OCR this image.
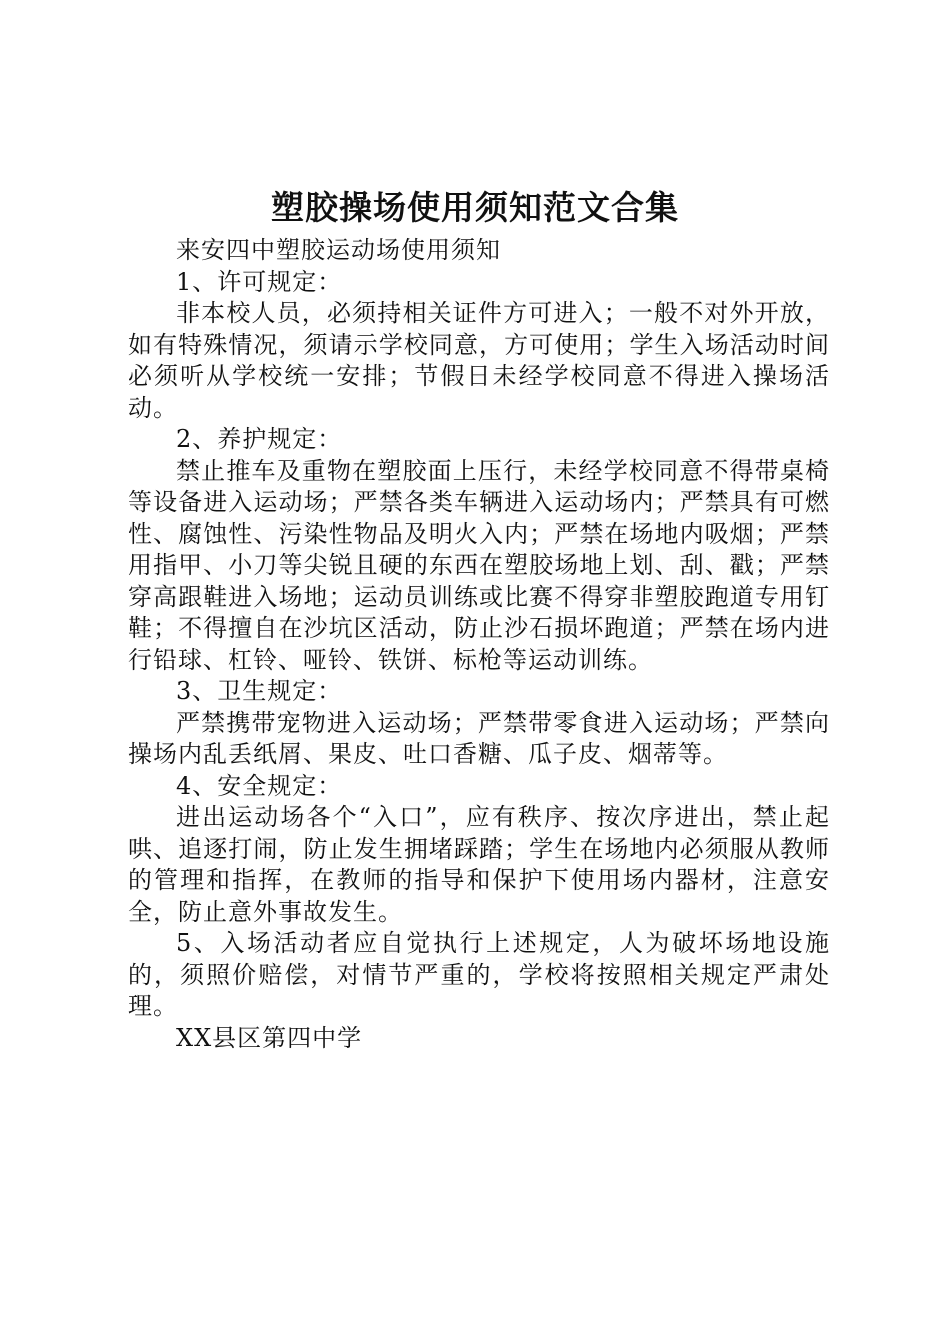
塑胶操场使用须知范文合集

来安四中塑胶运动场使用须知

1、许可规定：

非本校人员，必须持相关证件方可进入；一般不对外开放，如有特殊情况，须请示学校同意，方可使用；学生入场活动时间必须听从学校统一安排；节假日未经学校同意不得进入操场活动。

2、养护规定：

禁止推车及重物在塑胶面上压行，未经学校同意不得带桌椅等设备进入运动场；严禁各类车辆进入运动场内；严禁具有可燃性、腐蚀性、污染性物品及明火入内；严禁在场地内吸烟；严禁用指甲、小刀等尖锐且硬的东西在塑胶场地上划、刮、戳；严禁穿高跟鞋进入场地；运动员训练或比赛不得穿非塑胶跑道专用钉鞋；不得擅自在沙坑区活动，防止沙石损坏跑道；严禁在场内进行铅球、杠铃、哑铃、铁饼、标枪等运动训练。

3、卫生规定：

严禁携带宠物进入运动场；严禁带零食进入运动场；严禁向操场内乱丢纸屑、果皮、吐口香糖、瓜子皮、烟蒂等。

4、安全规定：

进出运动场各个“入口”，应有秩序、按次序进出，禁止起哄、追逐打闹，防止发生拥堵踩踏；学生在场地内必须服从教师的管理和指挥，在教师的指导和保护下使用场内器材，注意安全，防止意外事故发生。

5、入场活动者应自觉执行上述规定，人为破坏场地设施的，须照价赔偿，对情节严重的，学校将按照相关规定严肃处理。

XX县区第四中学
